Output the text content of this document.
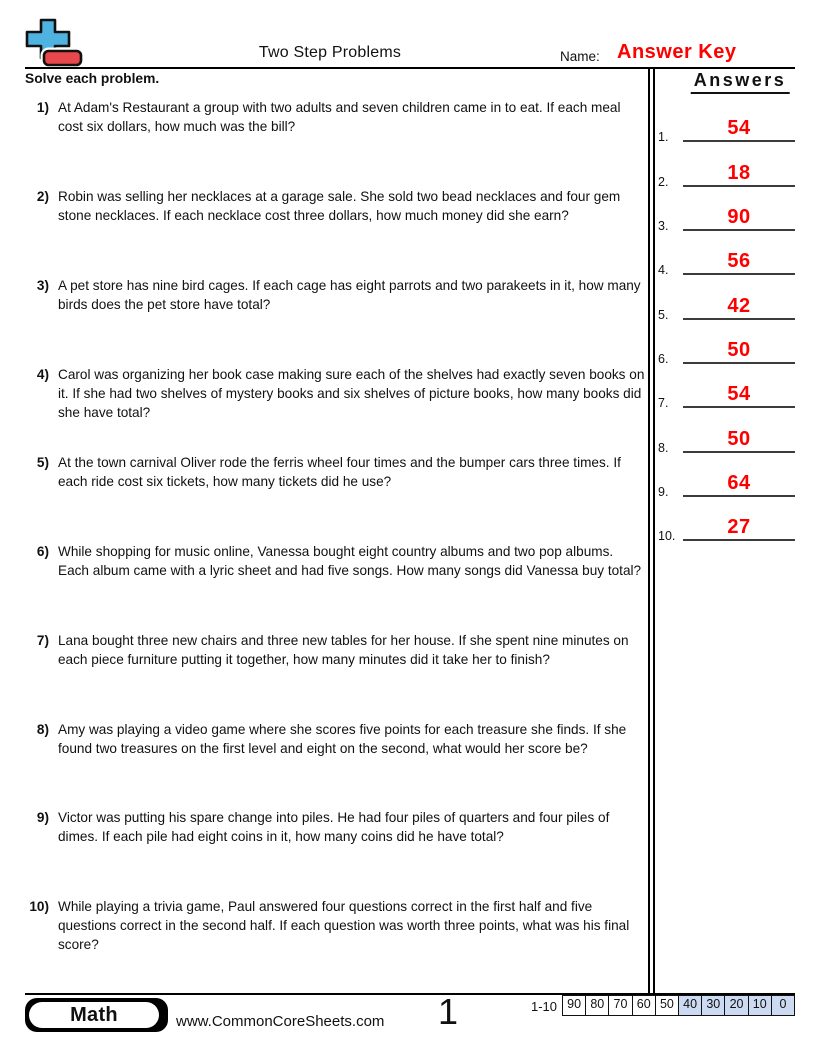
Two Step Problems	Name: Answer Key
Solve each problem.	Answers
1.	54
2.	18
3.	90
4.	56
5.	42
6.	50
7.	54
8.	50
9.	64
10.	27
1) At Adam's Restaurant a group with two adults and seven children came in to eat. If each meal cost six dollars, how much was the bill?
2) Robin was selling her necklaces at a garage sale. She sold two bead necklaces and four gem stone necklaces. If each necklace cost three dollars, how much money did she earn?
3) A pet store has nine bird cages. If each cage has eight parrots and two parakeets in it, how many birds does the pet store have total?
4) Carol was organizing her book case making sure each of the shelves had exactly seven books on it. If she had two shelves of mystery books and six shelves of picture books, how many books did she have total?
5) At the town carnival Oliver rode the ferris wheel four times and the bumper cars three times. If each ride cost six tickets, how many tickets did he use?
6) While shopping for music online, Vanessa bought eight country albums and two pop albums. Each album came with a lyric sheet and had five songs. How many songs did Vanessa buy total?
7) Lana bought three new chairs and three new tables for her house. If she spent nine minutes on each piece furniture putting it together, how many minutes did it take her to finish?
8) Amy was playing a video game where she scores five points for each treasure she finds. If she found two treasures on the first level and eight on the second, what would her score be?
9) Victor was putting his spare change into piles. He had four piles of quarters and four piles of dimes. If each pile had eight coins in it, how many coins did he have total?
10) While playing a trivia game, Paul answered four questions correct in the first half and five questions correct in the second half. If each question was worth three points, what was his final score?
Math	www.CommonCoreSheets.com 1	1-10 90 80 70 60 50 40 30 20 10	0
